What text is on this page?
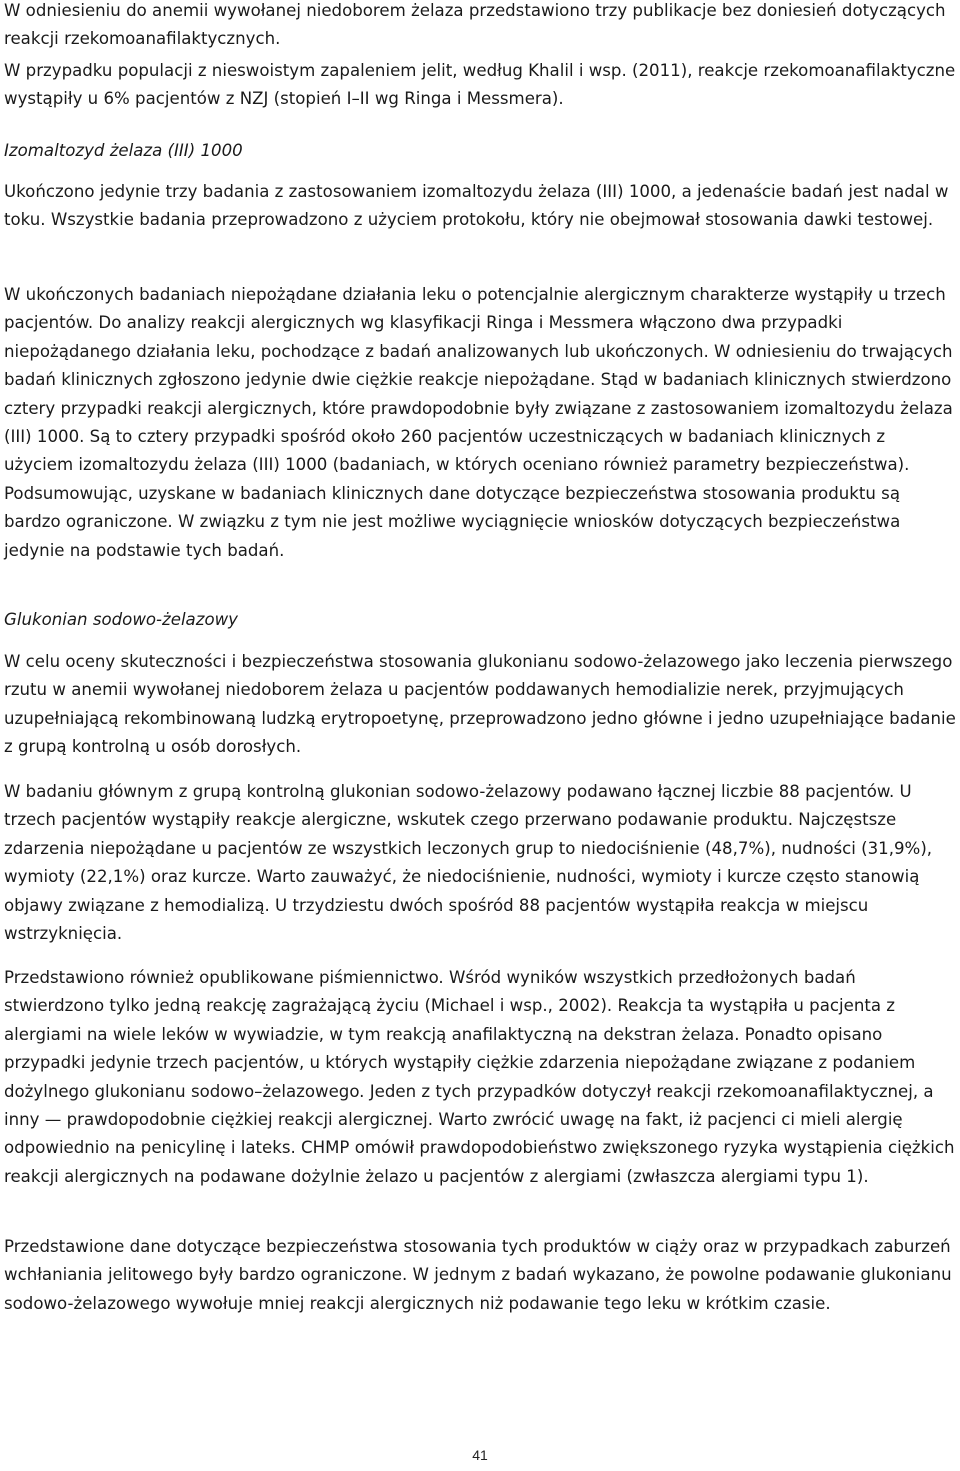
W odniesieniu do anemii wywołanej niedoborem żelaza przedstawiono trzy publikacje bez doniesień dotyczących reakcji rzekomoanafilaktycznych.

W przypadku populacji z nieswoistym zapaleniem jelit, według Khalil i wsp. (2011), reakcje rzekomoanafilaktyczne wystąpiły u 6% pacjentów z NZJ (stopień I–II wg Ringa i Messmera).

Izomaltozyd żelaza (III) 1000

Ukończono jedynie trzy badania z zastosowaniem izomaltozydu żelaza (III) 1000, a jedenaście badań jest nadal w toku. Wszystkie badania przeprowadzono z użyciem protokołu, który nie obejmował stosowania dawki testowej.

W ukończonych badaniach niepożądane działania leku o potencjalnie alergicznym charakterze wystąpiły u trzech pacjentów. Do analizy reakcji alergicznych wg klasyfikacji Ringa i Messmera włączono dwa przypadki niepożądanego działania leku, pochodzące z badań analizowanych lub ukończonych. W odniesieniu do trwających badań klinicznych zgłoszono jedynie dwie ciężkie reakcje niepożądane. Stąd w badaniach klinicznych stwierdzono cztery przypadki reakcji alergicznych, które prawdopodobnie były związane z zastosowaniem izomaltozydu żelaza (III) 1000. Są to cztery przypadki spośród około 260 pacjentów uczestniczących w badaniach klinicznych z użyciem izomaltozydu żelaza (III) 1000 (badaniach, w których oceniano również parametry bezpieczeństwa). Podsumowując, uzyskane w badaniach klinicznych dane dotyczące bezpieczeństwa stosowania produktu są bardzo ograniczone. W związku z tym nie jest możliwe wyciągnięcie wniosków dotyczących bezpieczeństwa jedynie na podstawie tych badań.

Glukonian sodowo-żelazowy

W celu oceny skuteczności i bezpieczeństwa stosowania glukonianu sodowo-żelazowego jako leczenia pierwszego rzutu w anemii wywołanej niedoborem żelaza u pacjentów poddawanych hemodializie nerek, przyjmujących uzupełniającą rekombinowaną ludzką erytropoetynę, przeprowadzono jedno główne i jedno uzupełniające badanie z grupą kontrolną u osób dorosłych.

W badaniu głównym z grupą kontrolną glukonian sodowo-żelazowy podawano łącznej liczbie 88 pacjentów. U trzech pacjentów wystąpiły reakcje alergiczne, wskutek czego przerwano podawanie produktu. Najczęstsze zdarzenia niepożądane u pacjentów ze wszystkich leczonych grup to niedociśnienie (48,7%), nudności (31,9%), wymioty (22,1%) oraz kurcze. Warto zauważyć, że niedociśnienie, nudności, wymioty i kurcze często stanowią objawy związane z hemodializą. U trzydziestu dwóch spośród 88 pacjentów wystąpiła reakcja w miejscu wstrzyknięcia.

Przedstawiono również opublikowane piśmiennictwo. Wśród wyników wszystkich przedłożonych badań stwierdzono tylko jedną reakcję zagrażającą życiu (Michael i wsp., 2002). Reakcja ta wystąpiła u pacjenta z alergiami na wiele leków w wywiadzie, w tym reakcją anafilaktyczną na dekstran żelaza. Ponadto opisano przypadki jedynie trzech pacjentów, u których wystąpiły ciężkie zdarzenia niepożądane związane z podaniem dożylnego glukonianu sodowo–żelazowego. Jeden z tych przypadków dotyczył reakcji rzekomoanafilaktycznej, a inny — prawdopodobnie ciężkiej reakcji alergicznej. Warto zwrócić uwagę na fakt, iż pacjenci ci mieli alergię odpowiednio na penicylinę i lateks. CHMP omówił prawdopodobieństwo zwiększonego ryzyka wystąpienia ciężkich reakcji alergicznych na podawane dożylnie żelazo u pacjentów z alergiami (zwłaszcza alergiami typu 1).

Przedstawione dane dotyczące bezpieczeństwa stosowania tych produktów w ciąży oraz w przypadkach zaburzeń wchłaniania jelitowego były bardzo ograniczone. W jednym z badań wykazano, że powolne podawanie glukonianu sodowo-żelazowego wywołuje mniej reakcji alergicznych niż podawanie tego leku w krótkim czasie.

41
